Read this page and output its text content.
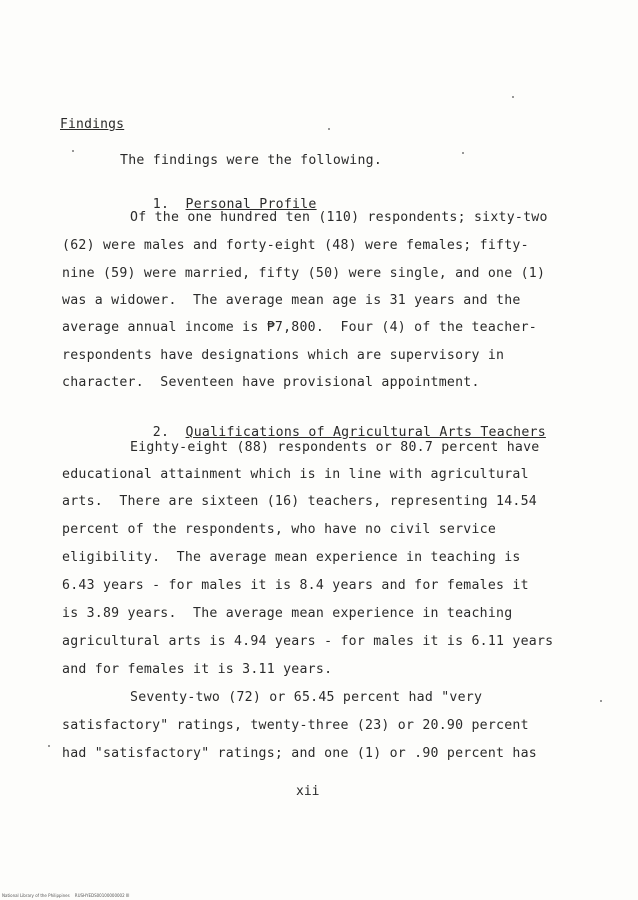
Findings
The findings were the following.

1. Personal Profile

Of the one hundred ten (110) respondents; sixty-two
(62) were males and forty-eight (48) were females; fifty-
nine (59) were married, fifty (50) were single, and one (1)
was a widower.  The average mean age is 31 years and the
average annual income is ₱7,800.  Four (4) of the teacher-
respondents have designations which are supervisory in
character.  Seventeen have provisional appointment.

2. Qualifications of Agricultural Arts Teachers

Eighty-eight (88) respondents or 80.7 percent have
educational attainment which is in line with agricultural
arts.  There are sixteen (16) teachers, representing 14.54
percent of the respondents, who have no civil service
eligibility.  The average mean experience in teaching is
6.43 years - for males it is 8.4 years and for females it
is 3.89 years.  The average mean experience in teaching
agricultural arts is 4.94 years - for males it is 6.11 years
and for females it is 3.11 years.
Seventy-two (72) or 65.45 percent had "very
satisfactory" ratings, twenty-three (23) or 20.90 percent
had "satisfactory" ratings; and one (1) or .90 percent has
xii
National Library of the Philippines    RUSHYEDS00100000002 III
